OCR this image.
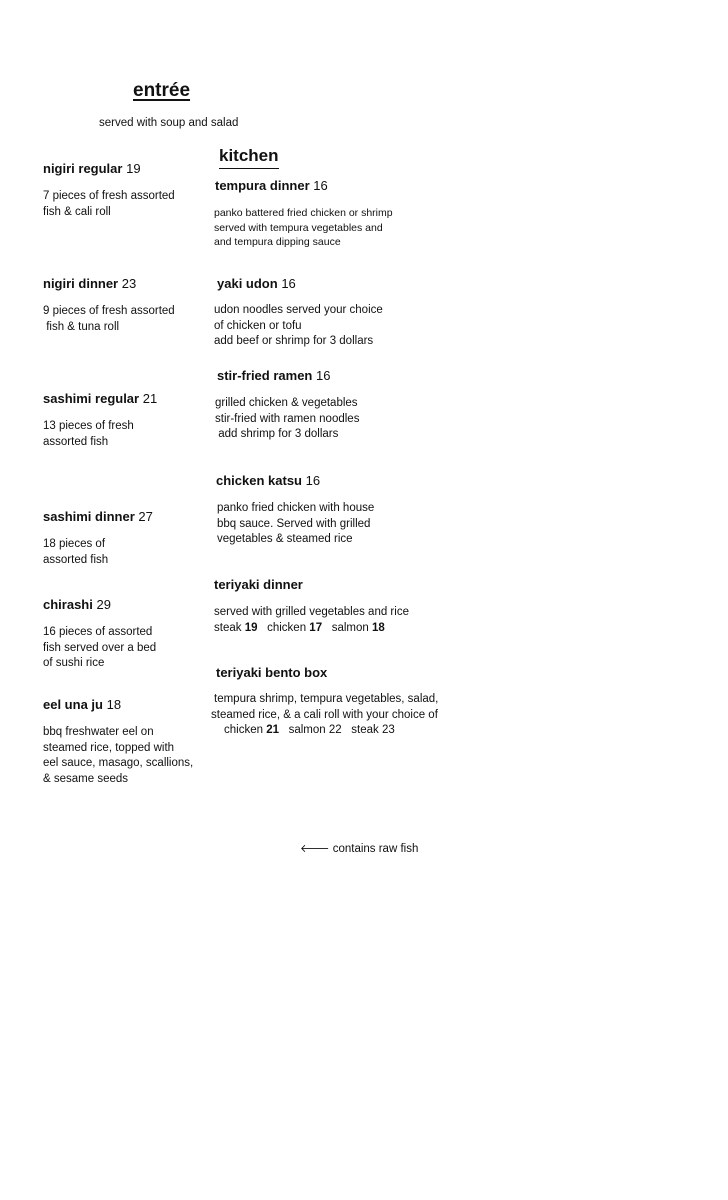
entrée
served with soup and salad
kitchen
nigiri regular 19
7 pieces of fresh assorted
fish & cali roll
nigiri dinner 23
9 pieces of fresh assorted
fish & tuna roll
sashimi regular 21
13 pieces of fresh
assorted fish
sashimi dinner 27
18 pieces of
assorted fish
chirashi 29
16 pieces of assorted
fish served over a bed
of sushi rice
eel una ju 18
bbq freshwater eel on
steamed rice, topped with
eel sauce, masago, scallions,
& sesame seeds
tempura dinner 16
panko battered fried chicken or shrimp
served with tempura vegetables and
and tempura dipping sauce
yaki udon 16
udon noodles served your choice
of chicken or tofu
add beef or shrimp for 3 dollars
stir-fried ramen 16
grilled chicken & vegetables
stir-fried with ramen noodles
add shrimp for 3 dollars
chicken katsu 16
panko fried chicken with house
bbq sauce. Served with grilled
vegetables & steamed rice
teriyaki dinner
served with grilled vegetables and rice
steak 19 chicken 17 salmon 18
teriyaki bento box
tempura shrimp, tempura vegetables, salad,
steamed rice, & a cali roll with your choice of
chicken 21 salmon 22 steak 23
🡐 contains raw fish
